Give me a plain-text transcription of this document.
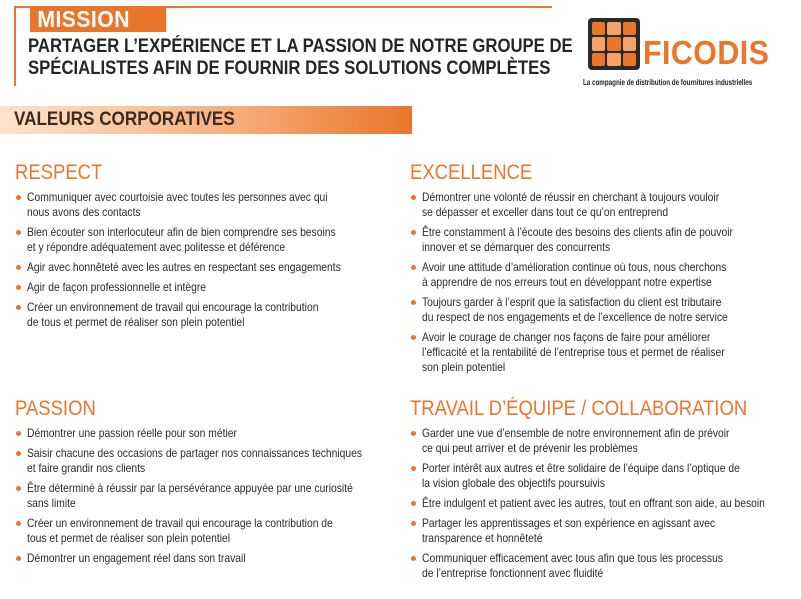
MISSION
PARTAGER L’EXPÉRIENCE ET LA PASSION DE NOTRE GROUPE DE
SPÉCIALISTES AFIN DE FOURNIR DES SOLUTIONS COMPLÈTES	FICODIS
La compagnie de distribution de fournitures industrielles
VALEURS CORPORATIVES
RESPECT
Communiquer avec courtoisie avec toutes les personnes avec qui
nous avons des contacts
Bien écouter son interlocuteur afin de bien comprendre ses besoins
et y répondre adéquatement avec politesse et déférence
Agir avec honnêteté avec les autres en respectant ses engagements
Agir de façon professionnelle et intègre
Créer un environnement de travail qui encourage la contribution
de tous et permet de réaliser son plein potentiel
EXCELLENCE
Démontrer une volonté de réussir en cherchant à toujours vouloir
se dépasser et exceller dans tout ce qu’on entreprend
Être constamment à l’écoute des besoins des clients afin de pouvoir
innover et se démarquer des concurrents
Avoir une attitude d’amélioration continue où tous, nous cherchons
à apprendre de nos erreurs tout en développant notre expertise
Toujours garder à l’esprit que la satisfaction du client est tributaire
du respect de nos engagements et de l’excellence de notre service
Avoir le courage de changer nos façons de faire pour améliorer
l’efficacité et la rentabilité de l’entreprise tous et permet de réaliser
son plein potentiel
PASSION
Démontrer une passion réelle pour son métier
Saisir chacune des occasions de partager nos connaissances techniques
et faire grandir nos clients
Être déterminé à réussir par la persévérance appuyée par une curiosité
sans limite
Créer un environnement de travail qui encourage la contribution de
tous et permet de réaliser son plein potentiel
Démontrer un engagement réel dans son travail
TRAVAIL D’ÉQUIPE / COLLABORATION
Garder une vue d’ensemble de notre environnement afin de prévoir
ce qui peut arriver et de prévenir les problèmes
Porter intérêt aux autres et être solidaire de l’équipe dans l’optique de
la vision globale des objectifs poursuivis
Être indulgent et patient avec les autres, tout en offrant son aide, au besoin
Partager les apprentissages et son expérience en agissant avec
transparence et honnêteté
Communiquer efficacement avec tous afin que tous les processus
de l’entreprise fonctionnent avec fluidité
